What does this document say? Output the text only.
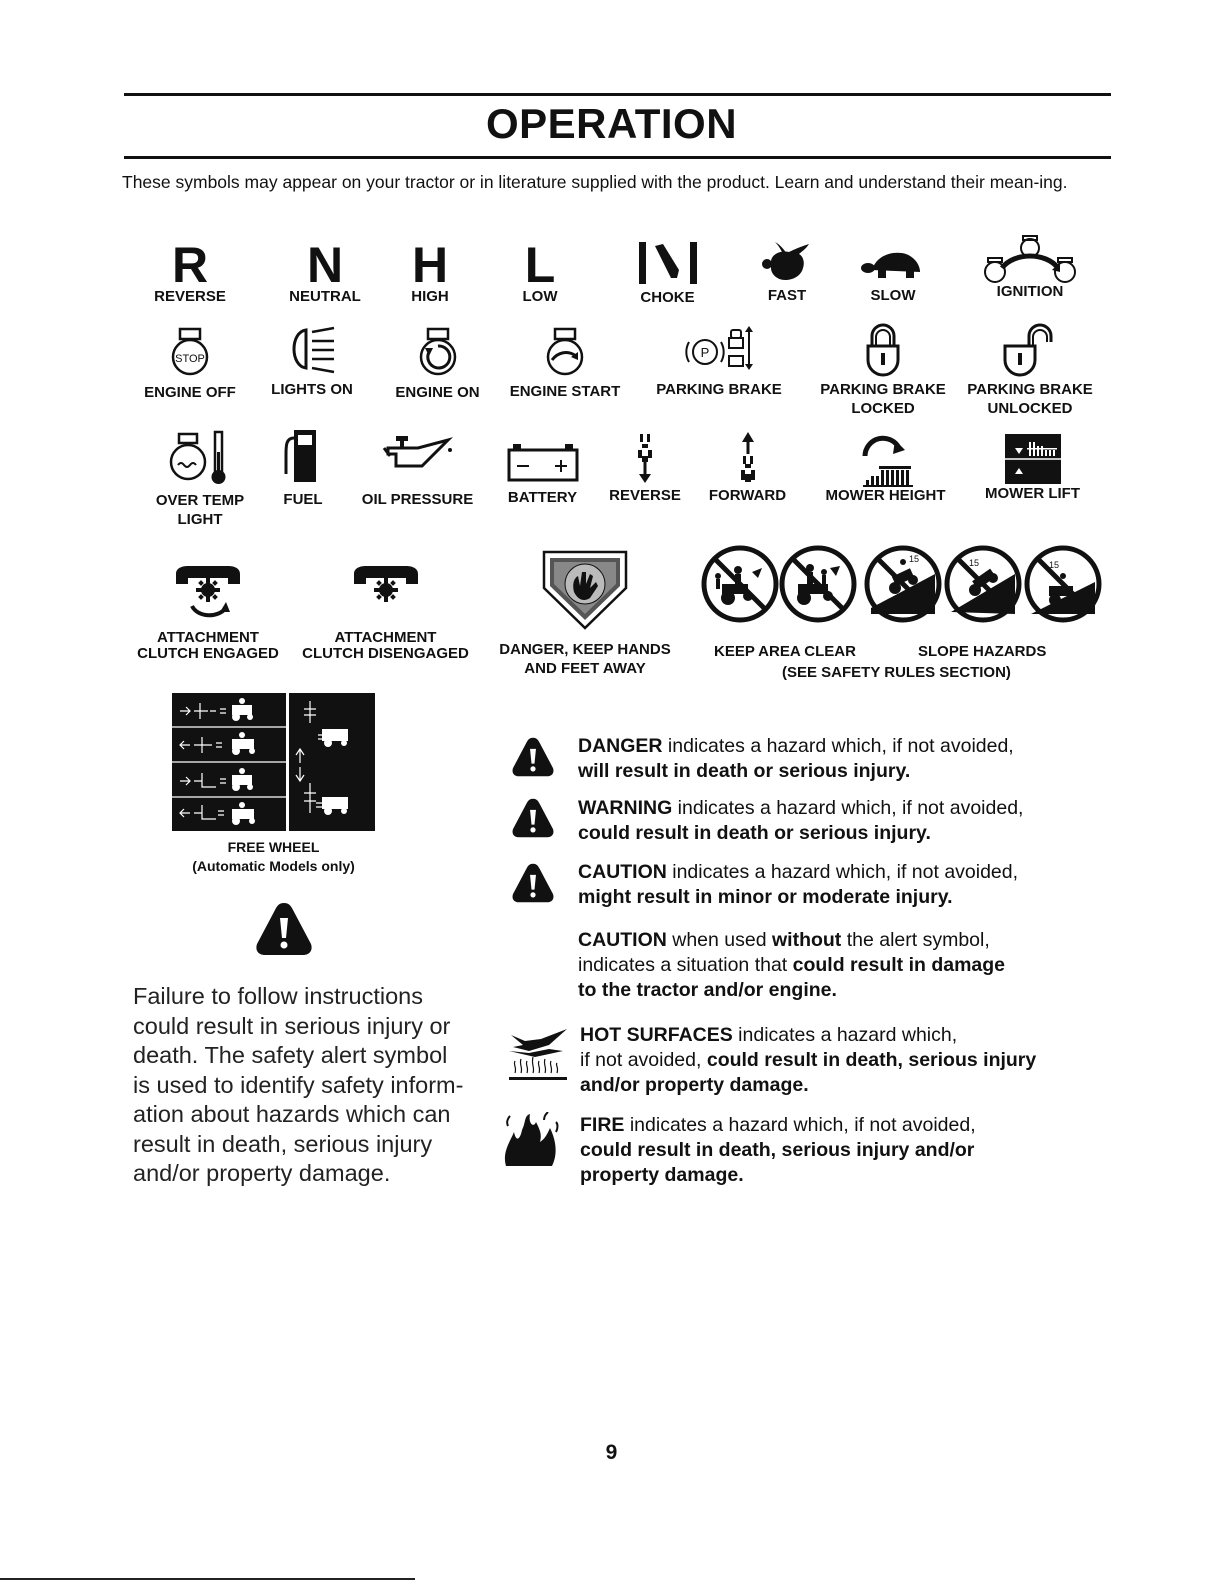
OPERATION
These symbols may appear on your tractor or in literature supplied with the product. Learn and understand their mean-ing.
R
REVERSE
N
NEUTRAL
H
HIGH
L
LOW	CHOKE	FAST	SLOW	IGNITION
STOP
ENGINE OFF	LIGHTS ON	ENGINE ON	ENGINE START
P
PARKING BRAKE	PARKING BRAKE
LOCKED
PARKING BRAKE
UNLOCKED
OVER TEMP
LIGHT
FUEL	OIL PRESSURE	BATTERY	REVERSE	FORWARD	MOWER HEIGHT	MOWER LIFT
ATTACHMENT
CLUTCH ENGAGED
ATTACHMENT
CLUTCH DISENGAGED	DANGER, KEEP HANDS
AND FEET AWAY
15	15	15
KEEP AREA CLEAR	SLOPE HAZARDS
(SEE SAFETY RULES SECTION)
FREE WHEEL
(Automatic Models only)
Failure to follow instructions
could result in serious injury or
death. The safety alert symbol
is used to identify safety inform-
ation about hazards which can
result in death, serious injury
and/or property damage.
DANGER indicates a hazard which, if not avoided,
will result in death or serious injury.
WARNING indicates a hazard which, if not avoided,
could result in death or serious injury.
CAUTION indicates a hazard which, if not avoided,
might result in minor or moderate injury.
CAUTION when used without the alert symbol,
indicates a situation that could result in damage
to the tractor and/or engine.
HOT SURFACES indicates a hazard which,
if not avoided, could result in death, serious injury
and/or property damage.
FIRE indicates a hazard which, if not avoided,
could result in death, serious injury and/or
property damage.
9
